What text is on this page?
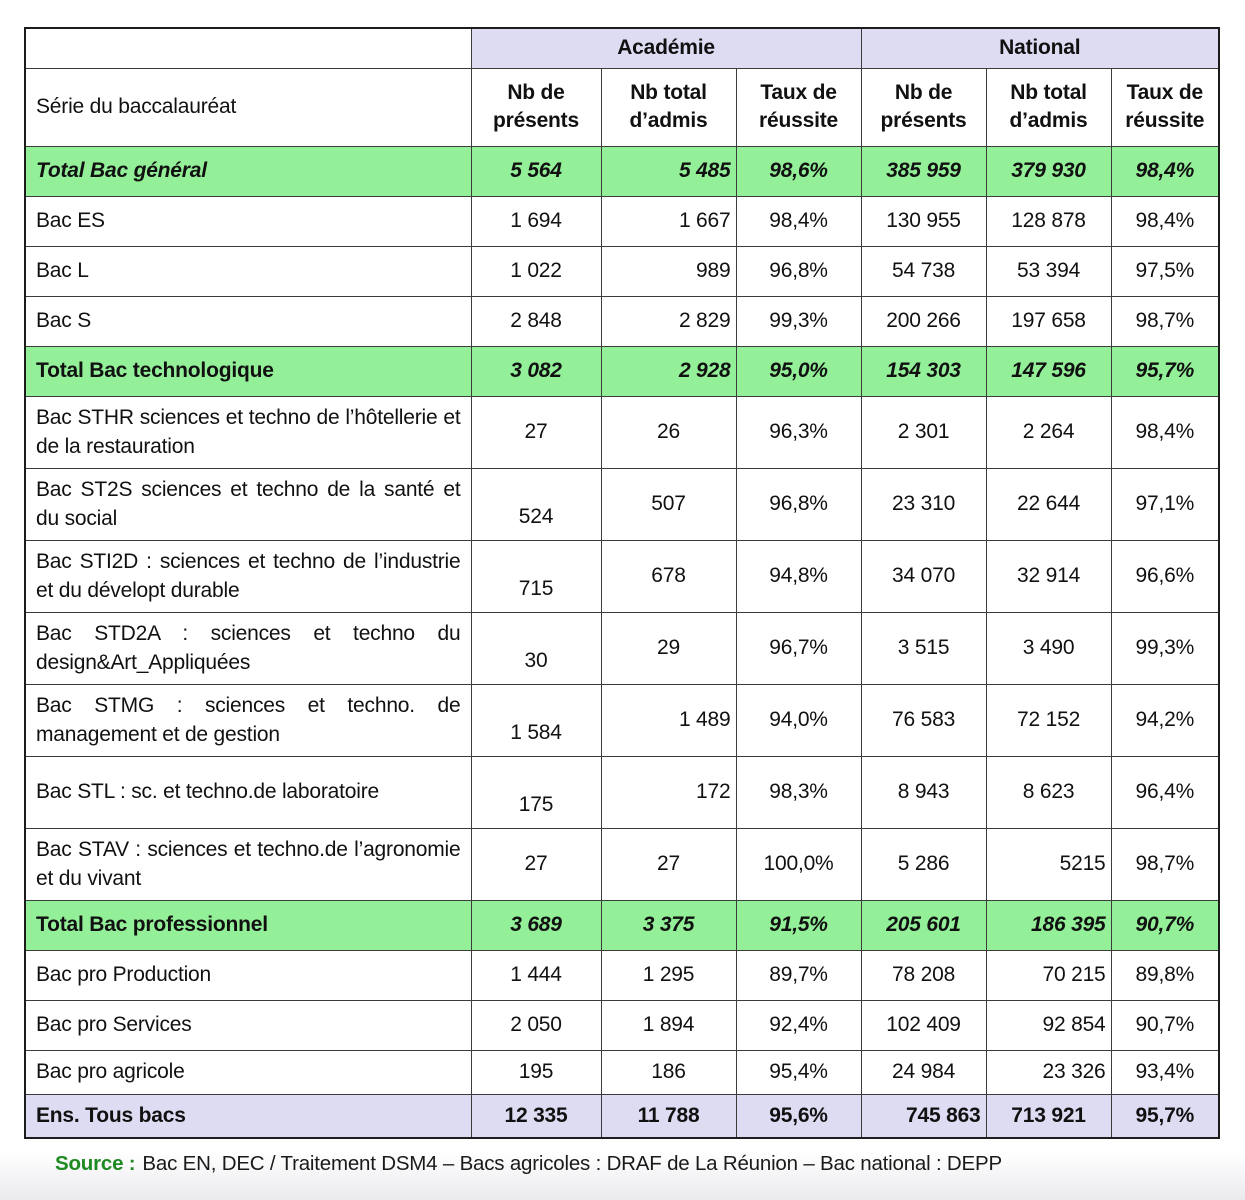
	Académie			National		
Série du baccalauréat	Nb de présents	Nb total d’admis	Taux de réussite	Nb de présents	Nb total d’admis	Taux de réussite
Total Bac général	5 564	5 485	98,6%	385 959	379 930	98,4%
Bac ES	1 694	1 667	98,4%	130 955	128 878	98,4%
Bac L	1 022	989	96,8%	54 738	53 394	97,5%
Bac S	2 848	2 829	99,3%	200 266	197 658	98,7%
Total Bac technologique	3 082	2 928	95,0%	154 303	147 596	95,7%
Bac STHR sciences et techno de l’hôtellerie et de la restauration	27	26	96,3%	2 301	2 264	98,4%
Bac ST2S sciences et techno de la santé et du social	524	507	96,8%	23 310	22 644	97,1%
Bac STI2D : sciences et techno de l’industrie et du dévelopt durable	715	678	94,8%	34 070	32 914	96,6%
Bac STD2A : sciences et techno du design&Art_Appliquées	30	29	96,7%	3 515	3 490	99,3%
Bac STMG : sciences et techno. de management et de gestion	1 584	1 489	94,0%	76 583	72 152	94,2%
Bac STL : sc. et techno.de laboratoire	175	172	98,3%	8 943	8 623	96,4%
Bac STAV : sciences et techno.de l’agronomie et du vivant	27	27	100,0%	5 286	5215	98,7%
Total Bac professionnel	3 689	3 375	91,5%	205 601	186 395	90,7%
Bac pro Production	1 444	1 295	89,7%	78 208	70 215	89,8%
Bac pro Services	2 050	1 894	92,4%	102 409	92 854	90,7%
Bac pro agricole	195	186	95,4%	24 984	23 326	93,4%
Ens. Tous bacs	12 335	11 788	95,6%	745 863	713 921	95,7%
Source : Bac EN, DEC / Traitement DSM4 – Bacs agricoles : DRAF de La Réunion – Bac national : DEPP
